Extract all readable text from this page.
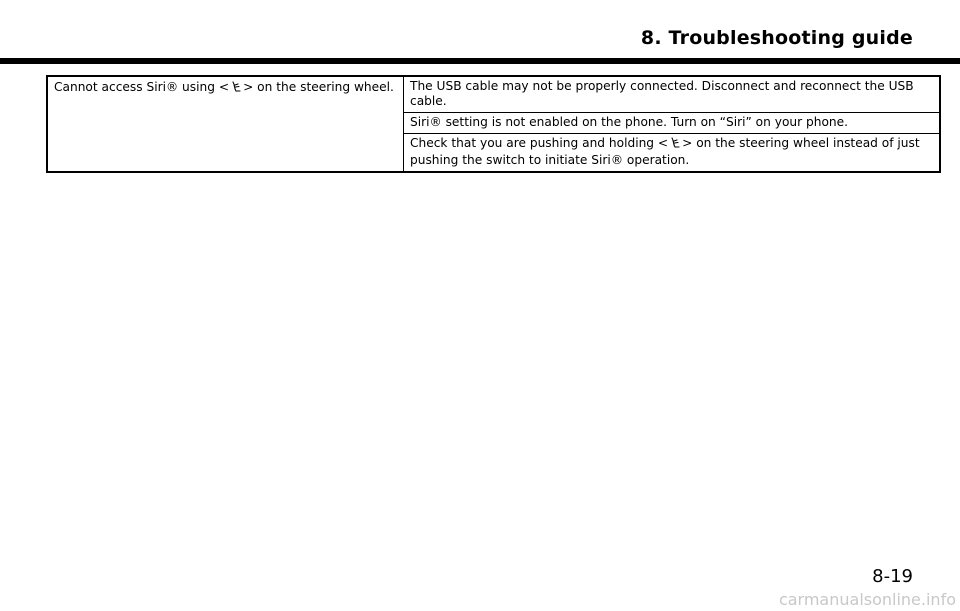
8. Troubleshooting guide
Cannot access Siri® using < > on the steering wheel.	The USB cable may not be properly connected. Disconnect and reconnect the USB cable.
Siri® setting is not enabled on the phone. Turn on “Siri” on your phone.
Check that you are pushing and holding < > on the steering wheel instead of just pushing the switch to initiate Siri® operation.
8-19
carmanualsonline.info
